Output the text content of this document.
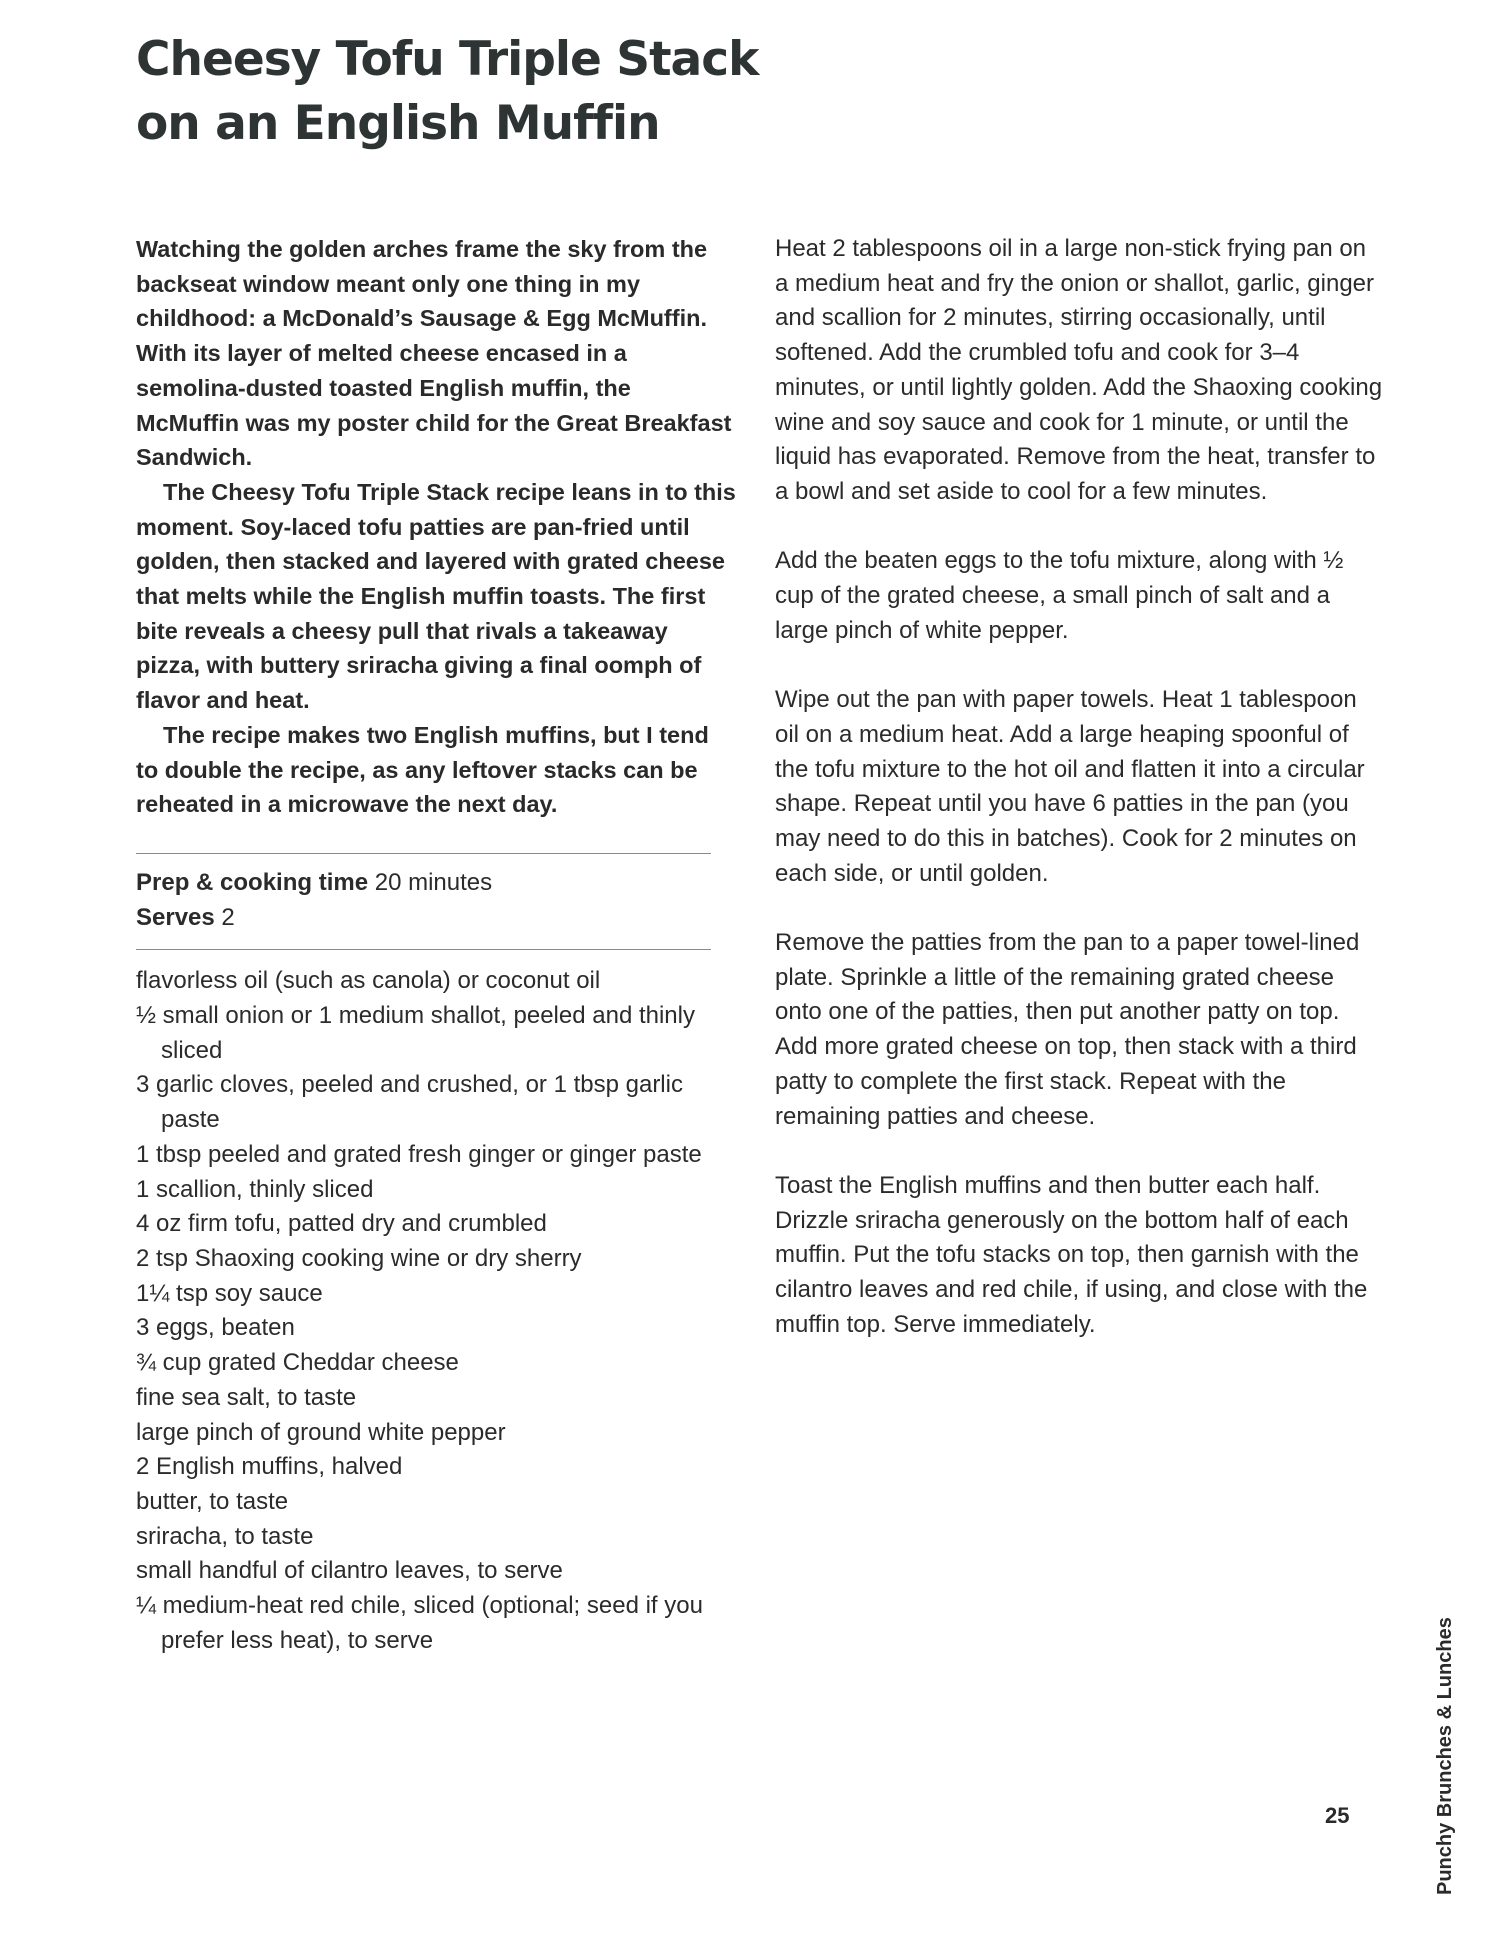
Cheesy Tofu Triple Stack
on an English Muffin

Watching the golden arches frame the sky from the backseat window meant only one thing in my childhood: a McDonald’s Sausage & Egg McMuffin. With its layer of melted cheese encased in a semolina-dusted toasted English muffin, the McMuffin was my poster child for the Great Breakfast Sandwich.

The Cheesy Tofu Triple Stack recipe leans in to this moment. Soy-laced tofu patties are pan-fried until golden, then stacked and layered with grated cheese that melts while the English muffin toasts. The first bite reveals a cheesy pull that rivals a takeaway pizza, with buttery sriracha giving a final oomph of flavor and heat.

The recipe makes two English muffins, but I tend to double the recipe, as any leftover stacks can be reheated in a microwave the next day.

Prep & cooking time 20 minutes
Serves 2
flavorless oil (such as canola) or coconut oil
½ small onion or 1 medium shallot, peeled and thinly sliced
3 garlic cloves, peeled and crushed, or 1 tbsp garlic paste
1 tbsp peeled and grated fresh ginger or ginger paste
1 scallion, thinly sliced
4 oz firm tofu, patted dry and crumbled
2 tsp Shaoxing cooking wine or dry sherry
1¼ tsp soy sauce
3 eggs, beaten
¾ cup grated Cheddar cheese
fine sea salt, to taste
large pinch of ground white pepper
2 English muffins, halved
butter, to taste
sriracha, to taste
small handful of cilantro leaves, to serve
¼ medium-heat red chile, sliced (optional; seed if you prefer less heat), to serve

Heat 2 tablespoons oil in a large non-stick frying pan on a medium heat and fry the onion or shallot, garlic, ginger and scallion for 2 minutes, stirring occasionally, until softened. Add the crumbled tofu and cook for 3–4 minutes, or until lightly golden. Add the Shaoxing cooking wine and soy sauce and cook for 1 minute, or until the liquid has evaporated. Remove from the heat, transfer to a bowl and set aside to cool for a few minutes.

Add the beaten eggs to the tofu mixture, along with ½ cup of the grated cheese, a small pinch of salt and a large pinch of white pepper.

Wipe out the pan with paper towels. Heat 1 tablespoon oil on a medium heat. Add a large heaping spoonful of the tofu mixture to the hot oil and flatten it into a circular shape. Repeat until you have 6 patties in the pan (you may need to do this in batches). Cook for 2 minutes on each side, or until golden.

Remove the patties from the pan to a paper towel-lined plate. Sprinkle a little of the remaining grated cheese onto one of the patties, then put another patty on top. Add more grated cheese on top, then stack with a third patty to complete the first stack. Repeat with the remaining patties and cheese.

Toast the English muffins and then butter each half. Drizzle sriracha generously on the bottom half of each muffin. Put the tofu stacks on top, then garnish with the cilantro leaves and red chile, if using, and close with the muffin top. Serve immediately.

25	Punchy Brunches & Lunches
